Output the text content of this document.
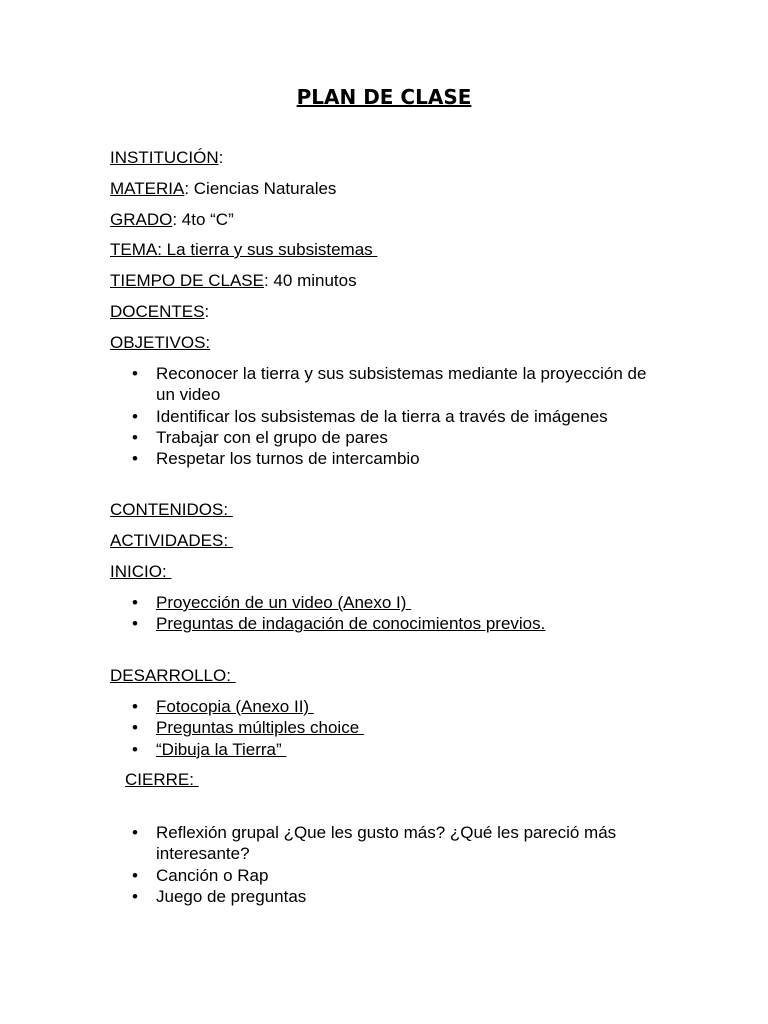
PLAN DE CLASE
INSTITUCIÓN:
MATERIA: Ciencias Naturales
GRADO: 4to “C”
TEMA: La tierra y sus subsistemas
TIEMPO DE CLASE: 40 minutos
DOCENTES:
OBJETIVOS:
• Reconocer la tierra y sus subsistemas mediante la proyección de un video
• Identificar los subsistemas de la tierra a través de imágenes
• Trabajar con el grupo de pares
• Respetar los turnos de intercambio
CONTENIDOS:
ACTIVIDADES:
INICIO:
• Proyección de un video (Anexo I)
• Preguntas de indagación de conocimientos previos.
DESARROLLO:
• Fotocopia (Anexo II)
• Preguntas múltiples choice
• “Dibuja la Tierra”
CIERRE:
• Reflexión grupal ¿Que les gusto más? ¿Qué les pareció más interesante?
• Canción o Rap
• Juego de preguntas
